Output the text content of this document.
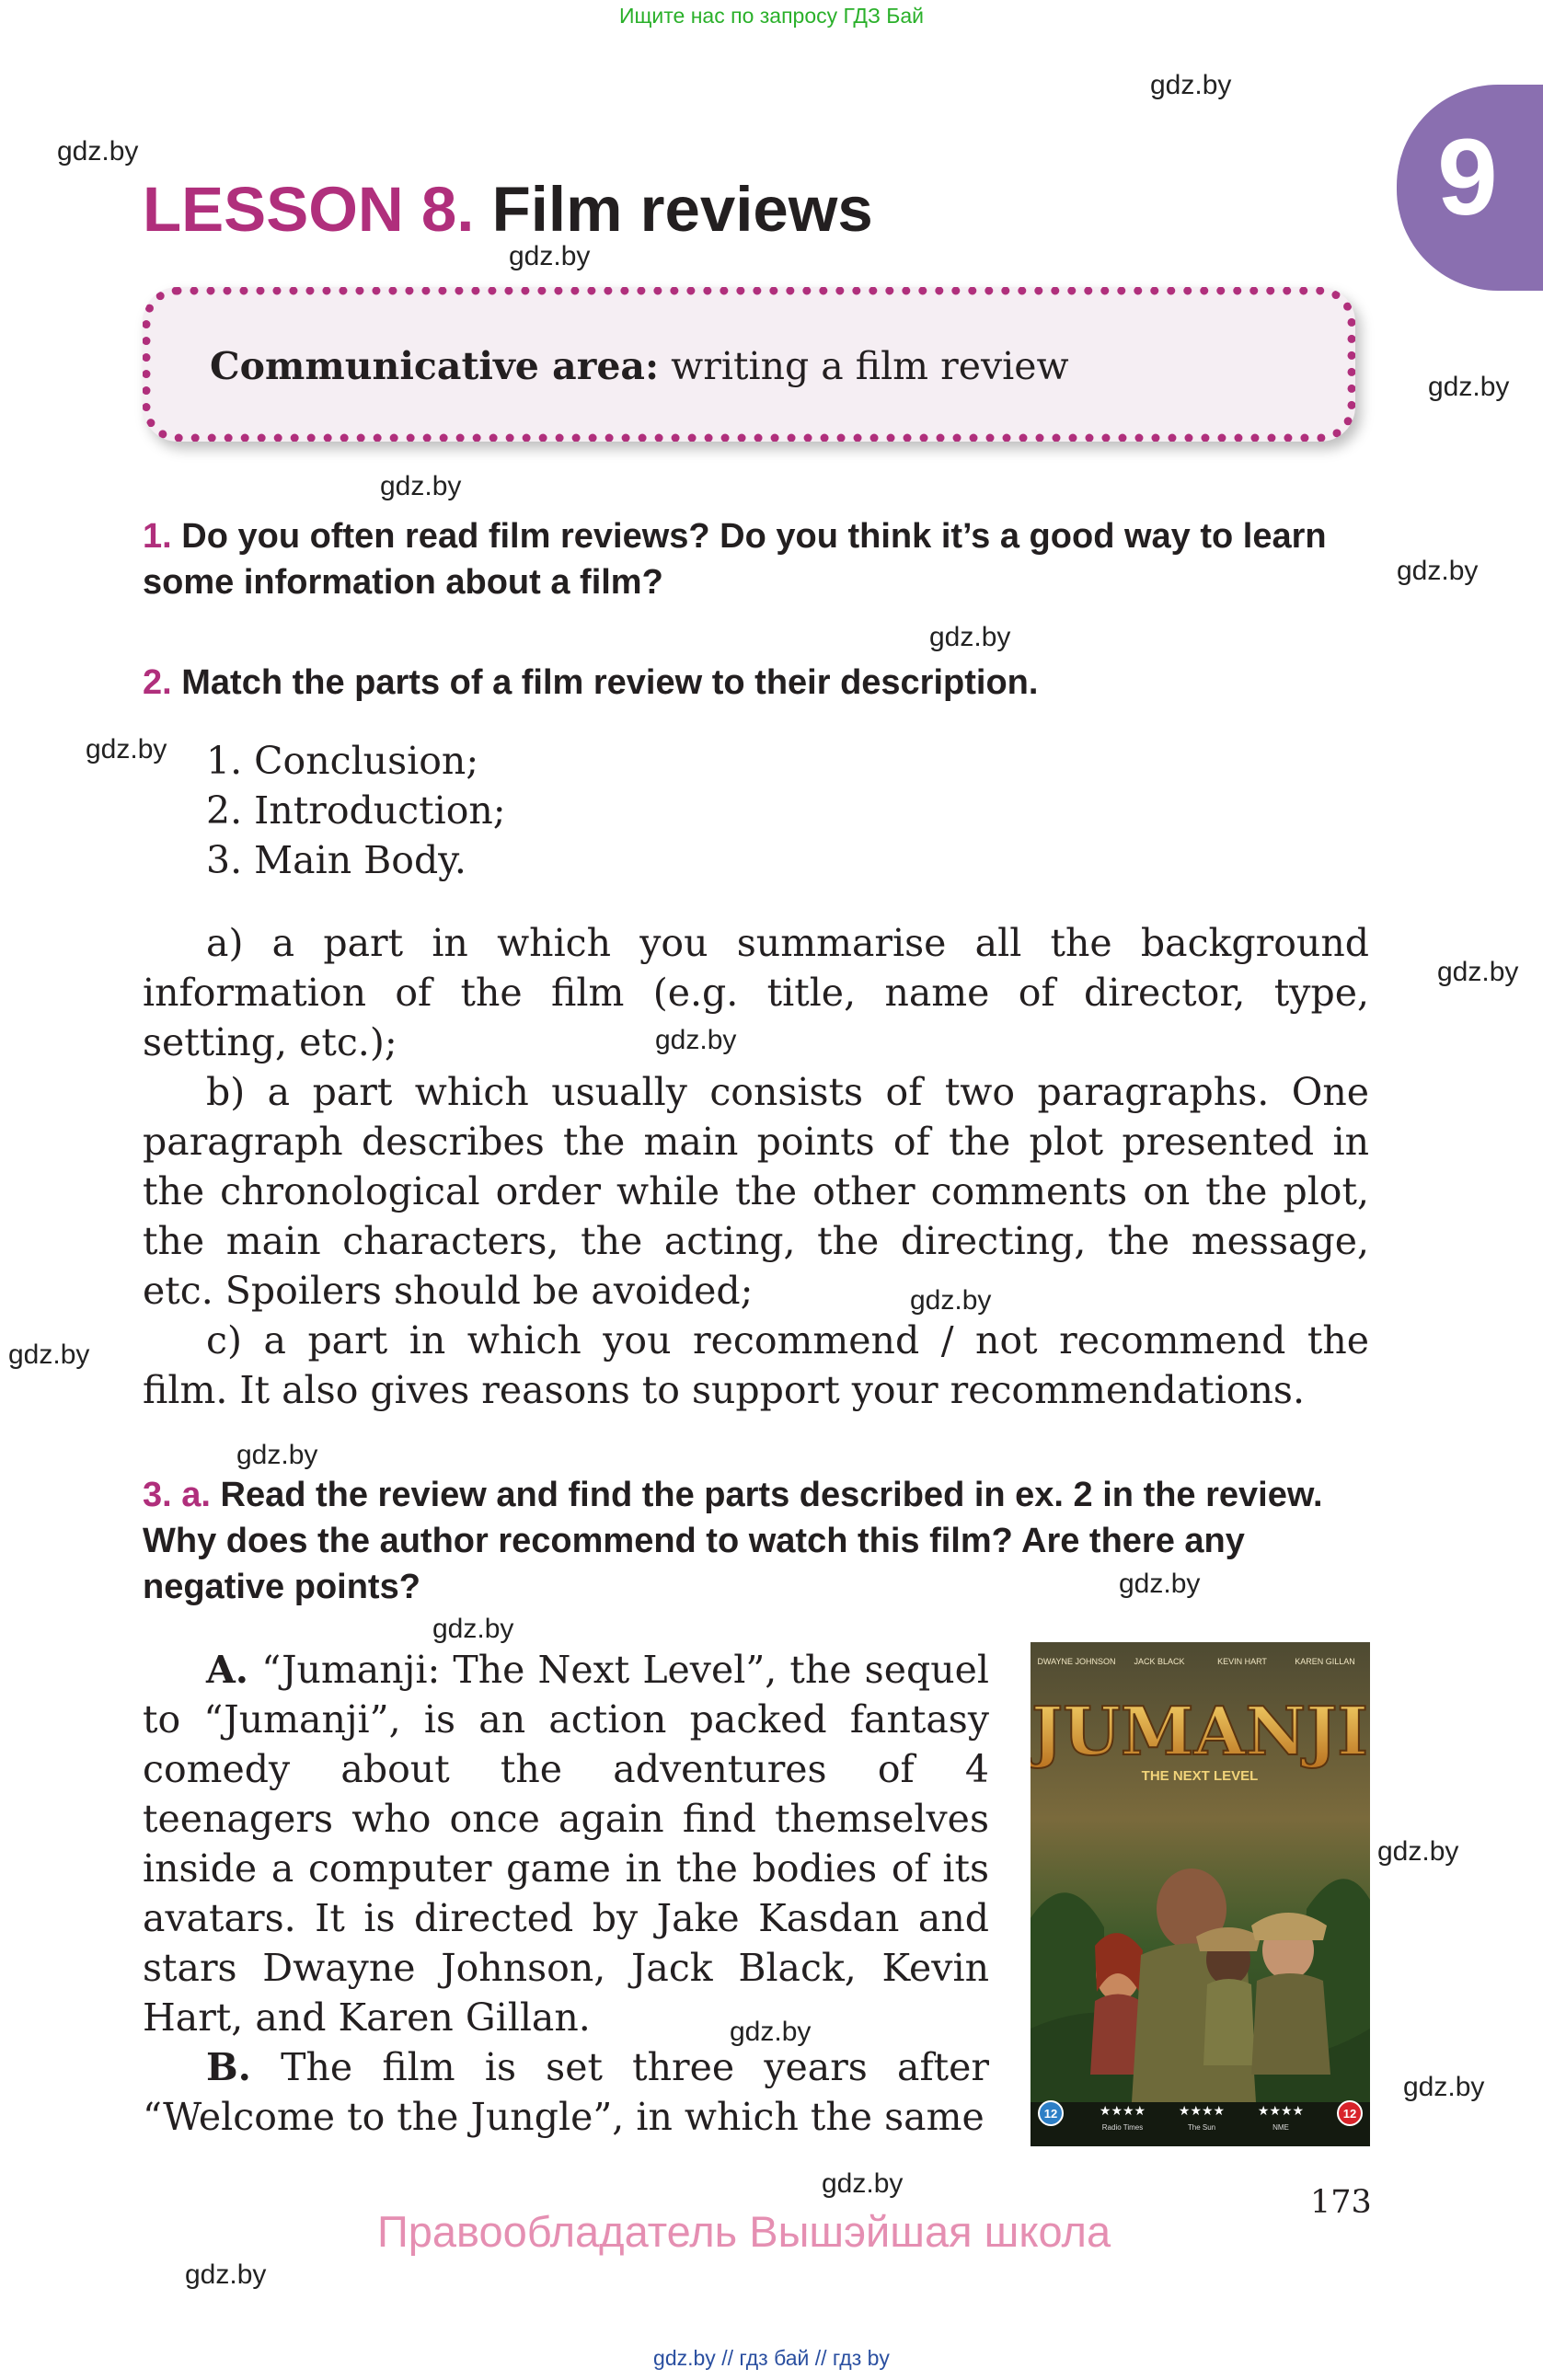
Ищите нас по запросу ГДЗ Бай
gdz.by
gdz.by
gdz.by
gdz.by
gdz.by
gdz.by
gdz.by
gdz.by
gdz.by
gdz.by
gdz.by
gdz.by
gdz.by
gdz.by
gdz.by
gdz.by
gdz.by
gdz.by
gdz.by
gdz.by
9
LESSON 8. Film reviews
Communicative area: writing a film review
1. Do you often read film reviews? Do you think it’s a good way to learn some information about a film?
2. Match the parts of a film review to their description.
1. Conclusion;
2. Introduction;
3. Main Body.

a) a part in which you summarise all the background information of the film (e.g. title, name of director, type, setting, etc.);

b) a part which usually consists of two paragraphs. One paragraph describes the main points of the plot presented in the chronological order while the other comments on the plot, the main characters, the acting, the directing, the message, etc. Spoilers should be avoided;

c) a part in which you recommend / not recommend the film. It also gives reasons to support your recommendations.

3. a. Read the review and find the parts described in ex. 2 in the review. Why does the author recommend to watch this film? Are there any negative points?

A. “Jumanji: The Next Level”, the sequel to “Jumanji”, is an action packed fantasy comedy about the adventures of 4 teenagers who once again find themselves inside a computer game in the bodies of its avatars. It is directed by Jake Kasdan and stars Dwayne Johnson, Jack Black, Kevin Hart, and Karen Gillan.

B. The film is set three years after “Welcome to the Jungle”, in which the same

DWAYNE JOHNSON JACK BLACK	KEVIN HART	KAREN GILLAN
JUMANJI
THE NEXT LEVEL
12	12
★★★★
Radio Times
★★★★
The Sun
★★★★
NME
173
Правообладатель Вышэйшая школа
gdz.by // гдз бай // гдз by
